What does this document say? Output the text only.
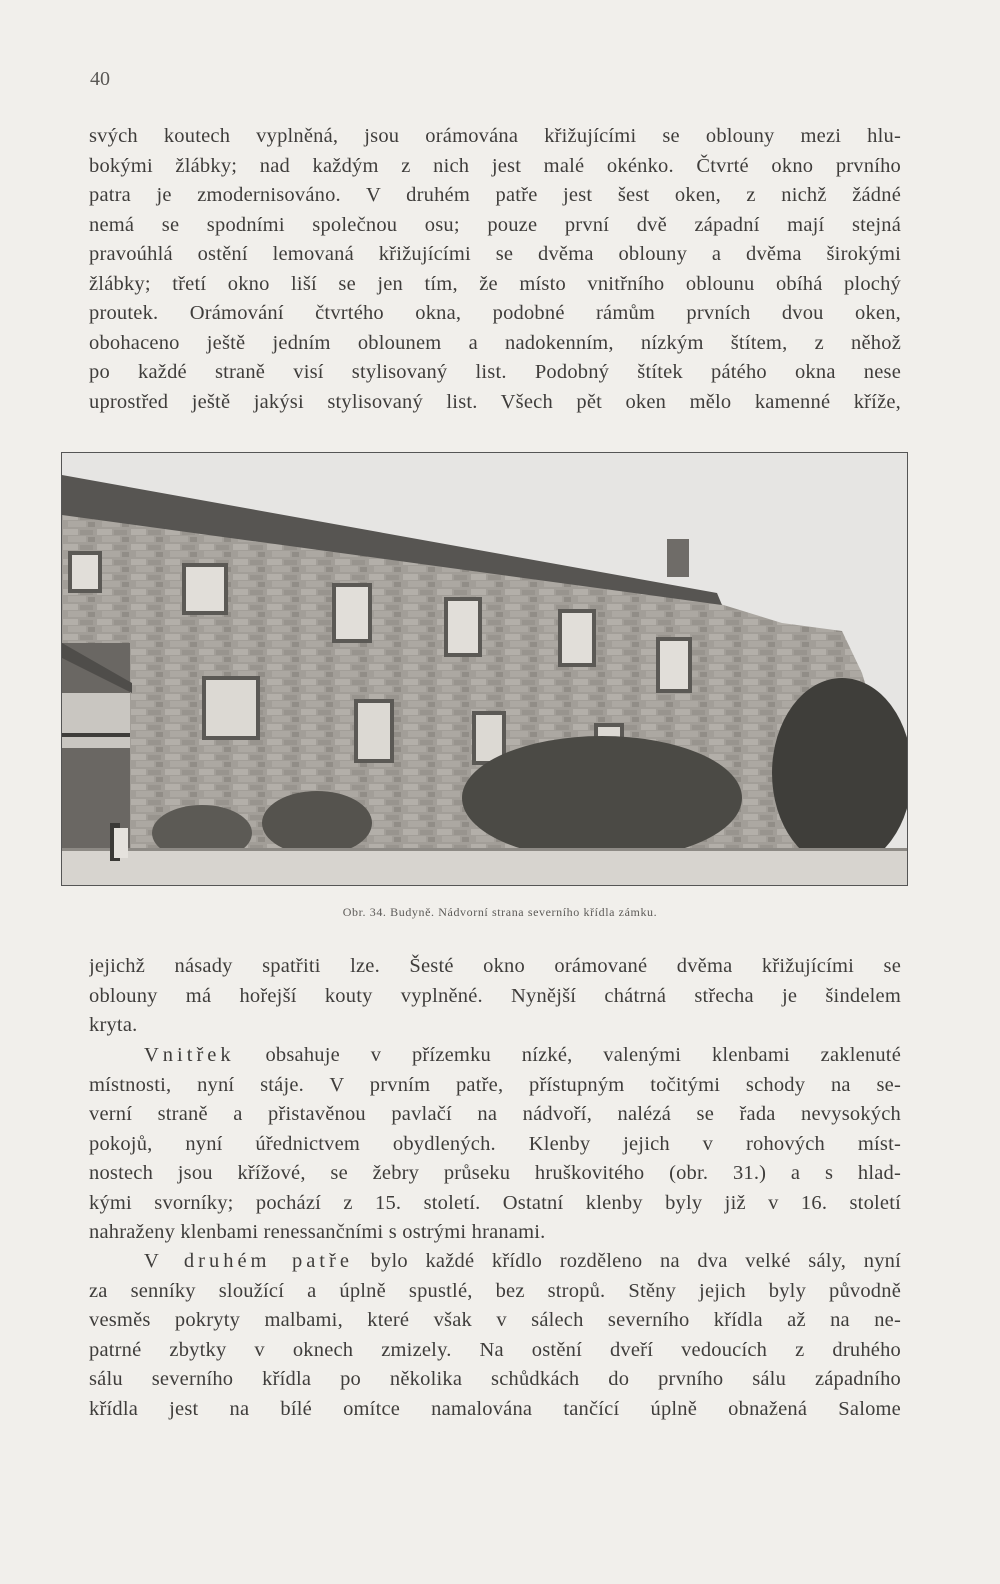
40
svých koutech vyplněná, jsou orámována křižujícími se oblouny mezi hlu-
bokými žlábky; nad každým z nich jest malé okénko. Čtvrté okno prvního
patra je zmodernisováno. V druhém patře jest šest oken, z nichž žádné
nemá se spodními společnou osu; pouze první dvě západní mají stejná
pravoúhlá ostění lemovaná křižujícími se dvěma oblouny a dvěma širokými
žlábky; třetí okno liší se jen tím, že místo vnitřního oblounu obíhá plochý
proutek. Orámování čtvrtého okna, podobné rámům prvních dvou oken,
obohaceno ještě jedním oblounem a nadokenním, nízkým štítem, z něhož
po každé straně visí stylisovaný list. Podobný štítek pátého okna nese
uprostřed ještě jakýsi stylisovaný list. Všech pět oken mělo kamenné kříže,
Obr. 34. Budyně. Nádvorní strana severního křídla zámku.
jejichž násady spatřiti lze. Šesté okno orámované dvěma křižujícími se
oblouny má hořejší kouty vyplněné. Nynější chátrná střecha je šindelem
kryta.
Vnitřek obsahuje v přízemku nízké, valenými klenbami zaklenuté
místnosti, nyní stáje. V prvním patře, přístupným točitými schody na se-
verní straně a přistavěnou pavlačí na nádvoří, nalézá se řada nevysokých
pokojů, nyní úřednictvem obydlených. Klenby jejich v rohových míst-
nostech jsou křížové, se žebry průseku hruškovitého (obr. 31.) a s hlad-
kými svorníky; pochází z 15. století. Ostatní klenby byly již v 16. století
nahraženy klenbami renessančními s ostrými hranami.
V druhém patře bylo každé křídlo rozděleno na dva velké sály, nyní
za senníky sloužící a úplně spustlé, bez stropů. Stěny jejich byly původně
vesměs pokryty malbami, které však v sálech severního křídla až na ne-
patrné zbytky v oknech zmizely. Na ostění dveří vedoucích z druhého
sálu severního křídla po několika schůdkách do prvního sálu západního
křídla jest na bílé omítce namalována tančící úplně obnažená Salome
